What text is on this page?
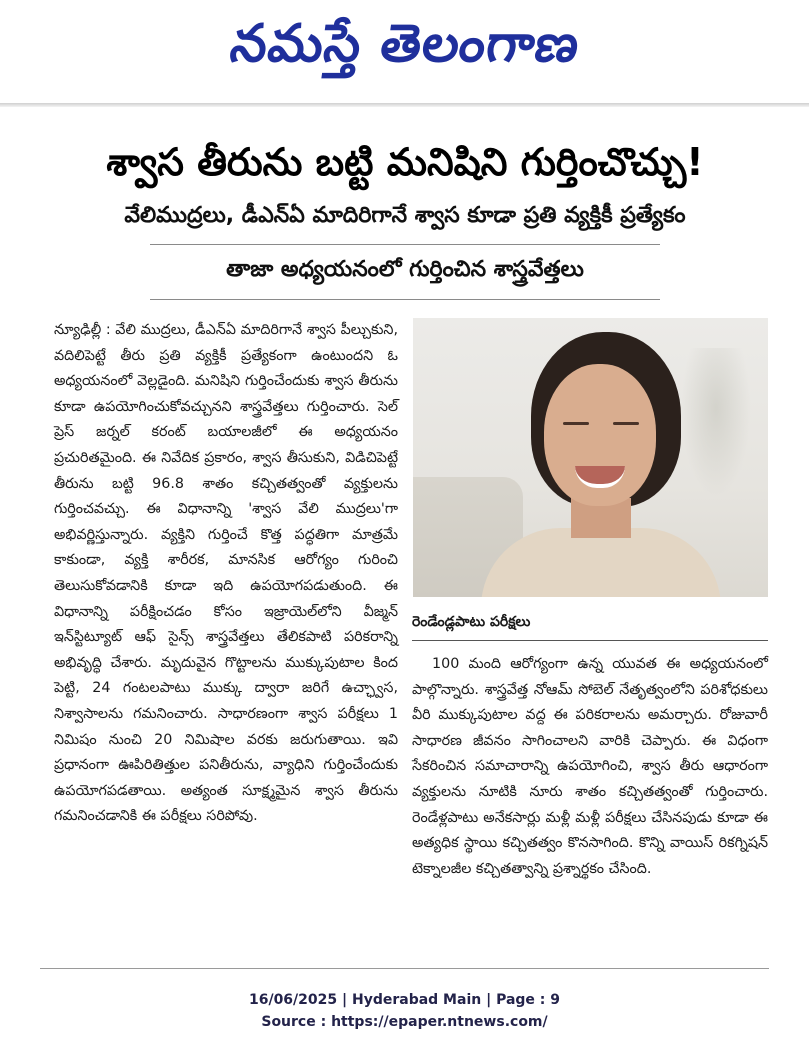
నమస్తే తెలంగాణ
శ్వాస తీరును బట్టి మనిషిని గుర్తించొచ్చు!
వేలిముద్రలు, డీఎన్ఏ మాదిరిగానే శ్వాస కూడా ప్రతి వ్యక్తికీ ప్రత్యేకం
తాజా అధ్యయనంలో గుర్తించిన శాస్త్రవేత్తలు

న్యూఢిల్లీ : వేలి ముద్రలు, డీఎన్ఏ మాదిరిగానే శ్వాస పీల్చుకుని, వదిలిపెట్టే తీరు ప్రతి వ్యక్తికీ ప్రత్యేకంగా ఉంటుందని ఓ అధ్యయనంలో వెల్లడైంది. మనిషిని గుర్తించేందుకు శ్వాస తీరును కూడా ఉపయోగించుకోవచ్చునని శాస్త్రవేత్తలు గుర్తించారు. సెల్ ప్రెస్ జర్నల్ కరంట్ బయాలజీలో ఈ అధ్యయనం ప్రచురితమైంది. ఈ నివేదిక ప్రకారం, శ్వాస తీసుకుని, విడిచిపెట్టే తీరును బట్టి 96.8 శాతం కచ్చితత్వంతో వ్యక్తులను గుర్తించవచ్చు. ఈ విధానాన్ని 'శ్వాస వేలి ముద్రలు'గా అభివర్ణిస్తున్నారు. వ్యక్తిని గుర్తించే కొత్త పద్ధతిగా మాత్రమే కాకుండా, వ్యక్తి శారీరక, మానసిక ఆరోగ్యం గురించి తెలుసుకోవడానికి కూడా ఇది ఉపయోగపడుతుంది. ఈ విధానాన్ని పరీక్షించడం కోసం ఇజ్రాయెల్‌లోని వీజ్మన్ ఇన్‌స్టిట్యూట్ ఆఫ్ సైన్స్ శాస్త్రవేత్తలు తేలికపాటి పరికరాన్ని అభివృద్ధి చేశారు. మృదువైన గొట్టాలను ముక్కుపుటాల కింద పెట్టి, 24 గంటలపాటు ముక్కు ద్వారా జరిగే ఉచ్ఛ్వాస, నిశ్వాసాలను గమనించారు. సాధారణంగా శ్వాస పరీక్షలు 1 నిమిషం నుంచి 20 నిమిషాల వరకు జరుగుతాయి. ఇవి ప్రధానంగా ఊపిరితిత్తుల పనితీరును, వ్యాధిని గుర్తించేందుకు ఉపయోగపడతాయి. అత్యంత సూక్ష్మమైన శ్వాస తీరును గమనించడానికి ఈ పరీక్షలు సరిపోవు.

రెండేండ్లపాటు పరీక్షలు

100 మంది ఆరోగ్యంగా ఉన్న యువత ఈ అధ్యయనంలో పాల్గొన్నారు. శాస్త్రవేత్త నోఆమ్ సోబెల్ నేతృత్వంలోని పరిశోధకులు వీరి ముక్కుపుటాల వద్ద ఈ పరికరాలను అమర్చారు. రోజువారీ సాధారణ జీవనం సాగించాలని వారికి చెప్పారు. ఈ విధంగా సేకరించిన సమాచారాన్ని ఉపయోగించి, శ్వాస తీరు ఆధారంగా వ్యక్తులను నూటికి నూరు శాతం కచ్చితత్వంతో గుర్తించారు. రెండేళ్లపాటు అనేకసార్లు మళ్లీ మళ్లీ పరీక్షలు చేసినపుడు కూడా ఈ అత్యధిక స్థాయి కచ్చితత్వం కొనసాగింది. కొన్ని వాయిస్ రికగ్నిషన్ టెక్నాలజీల కచ్చితత్వాన్ని ప్రశ్నార్థకం చేసింది.

16/06/2025 | Hyderabad Main | Page : 9
Source : https://epaper.ntnews.com/
